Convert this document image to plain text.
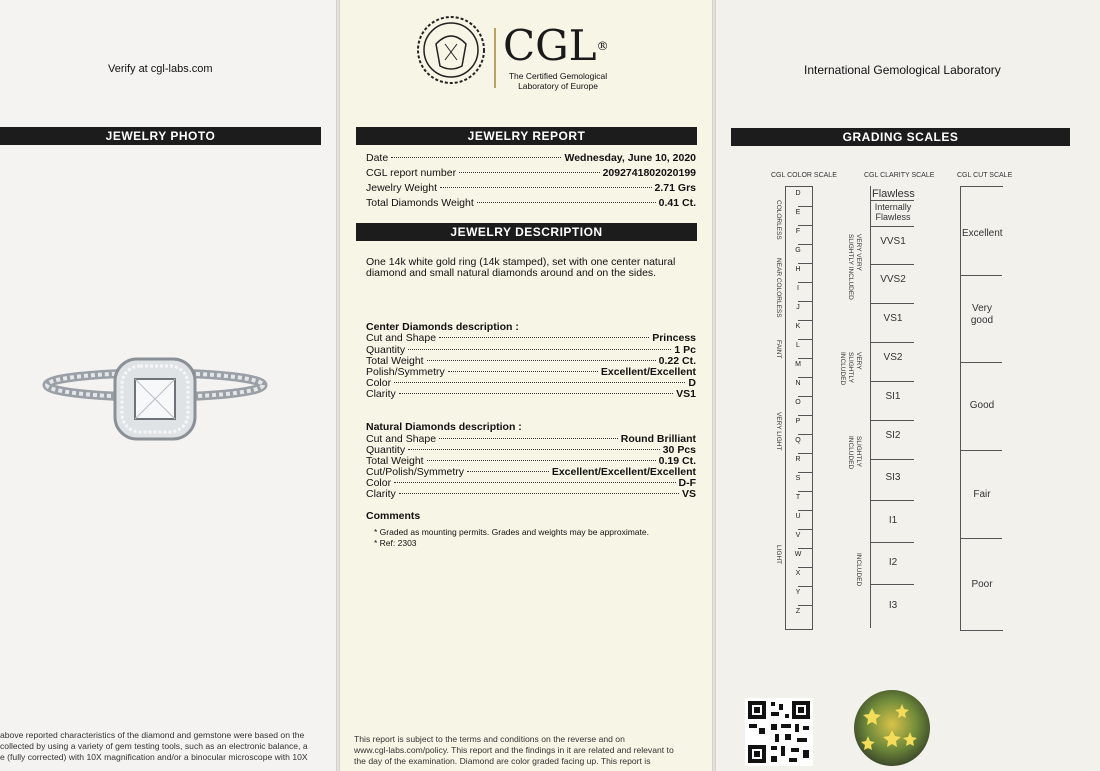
Verify at cgl-labs.com
JEWELRY PHOTO
above reported characteristics of the diamond and gemstone were based on the
collected by using a variety of gem testing tools, such as an electronic balance, a
e (fully corrected) with 10X magnification and/or a binocular microscope with 10X
CGL®
The Certified Gemological
Laboratory of Europe
JEWELRY REPORT
Date	Wednesday, June 10, 2020
CGL report number	2092741802020199
Jewelry Weight	2.71 Grs
Total Diamonds Weight	0.41 Ct.
JEWELRY DESCRIPTION
One 14k white gold ring (14k stamped), set with one center natural diamond and small natural diamonds around and on the sides.
Center Diamonds description :
Cut and Shape	Princess
Quantity	1 Pc
Total Weight	0.22 Ct.
Polish/Symmetry	Excellent/Excellent
Color	D
Clarity	VS1
Natural Diamonds description :
Cut and Shape	Round Brilliant
Quantity	30 Pcs
Total Weight	0.19 Ct.
Cut/Polish/Symmetry	Excellent/Excellent/Excellent
Color	D-F
Clarity	VS
Comments
* Graded as mounting permits. Grades and weights may be approximate.
* Ref: 2303
This report is subject to the terms and conditions on the reverse and on
www.cgl-labs.com/policy. This report and the findings in it are related and relevant to
the day of the examination. Diamond are color graded facing up. This report is
International Gemological Laboratory
GRADING SCALES
CGL COLOR SCALE	CGL CLARITY SCALE	CGL CUT SCALE
D
E
F
G
H
I
J
K
L
M
N
O
P
Q
R
S
T
U
V
W
X
Y
Z
COLORLESS
NEAR COLORLESS
FAINT
VERY LIGHT
LIGHT
Flawless
Internally Flawless
VVS1
VVS2
VS1
VS2
SI1
SI2
SI3
I1
I2
I3
VERY VERY SLIGHTLY INCLUDED
VERY SLIGHTLY INCLUDED
SLIGHTLY INCLUDED
INCLUDED
Excellent
Very good
Good
Fair
Poor
